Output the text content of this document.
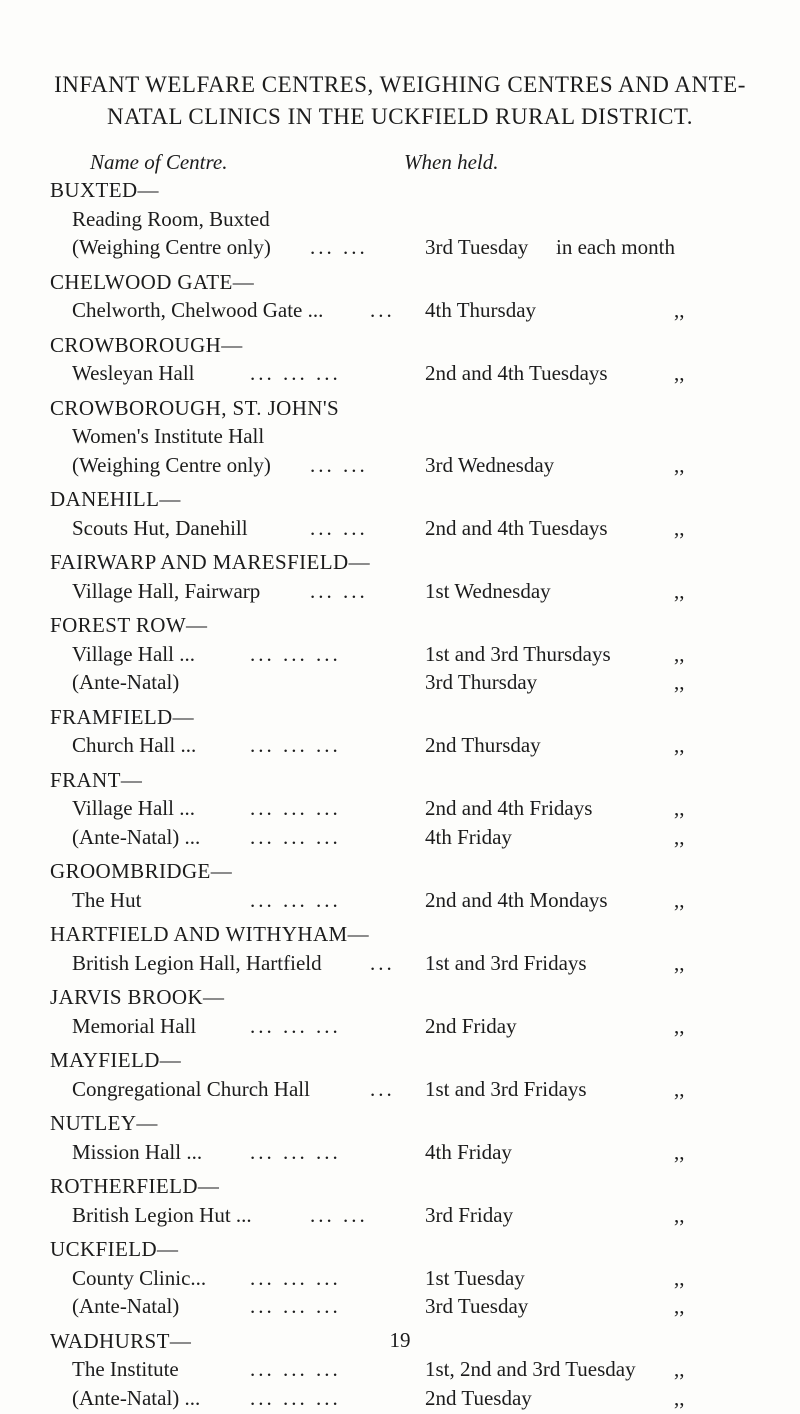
INFANT WELFARE CENTRES, WEIGHING CENTRES AND ANTE-
NATAL CLINICS IN THE UCKFIELD RURAL DISTRICT.
Name of Centre.	When held.
BUXTED—
Reading Room, Buxted
(Weighing Centre only) ... ...	3rd Tuesday in each month
CHELWOOD GATE—
Chelworth, Chelwood Gate ... ... 4th Thursday	,,
CROWBOROUGH—
Wesleyan Hall	... ... ...	2nd and 4th Tuesdays	,,
CROWBOROUGH, ST. JOHN'S
Women's Institute Hall
(Weighing Centre only) ... ...	3rd Wednesday	,,
DANEHILL—
Scouts Hut, Danehill	... ...	2nd and 4th Tuesdays	,,
FAIRWARP AND MARESFIELD—
Village Hall, Fairwarp ... ...	1st Wednesday	,,
FOREST ROW—
Village Hall ...	... ... ...	1st and 3rd Thursdays	,,
(Ante-Natal)	3rd Thursday	,,
FRAMFIELD—
Church Hall ...	... ... ...	2nd Thursday	,,
FRANT—
Village Hall ...	... ... ...	2nd and 4th Fridays	,,
(Ante-Natal) ... ... ... ...	4th Friday	,,
GROOMBRIDGE—
The Hut	... ... ...	2nd and 4th Mondays	,,
HARTFIELD AND WITHYHAM—
British Legion Hall, Hartfield ... 1st and 3rd Fridays	,,
JARVIS BROOK—
Memorial Hall	... ... ...	2nd Friday	,,
MAYFIELD—
Congregational Church Hall	... 1st and 3rd Fridays	,,
NUTLEY—
Mission Hall ... ... ... ...	4th Friday	,,
ROTHERFIELD—
British Legion Hut ...	... ...	3rd Friday	,,
UCKFIELD—
County Clinic... ... ... ...	1st Tuesday	,,
(Ante-Natal)	... ... ...	3rd Tuesday	,,
WADHURST—
The Institute	... ... ...	1st, 2nd and 3rd Tuesday ,,
(Ante-Natal) ... ... ... ...	2nd Tuesday	,,
19
